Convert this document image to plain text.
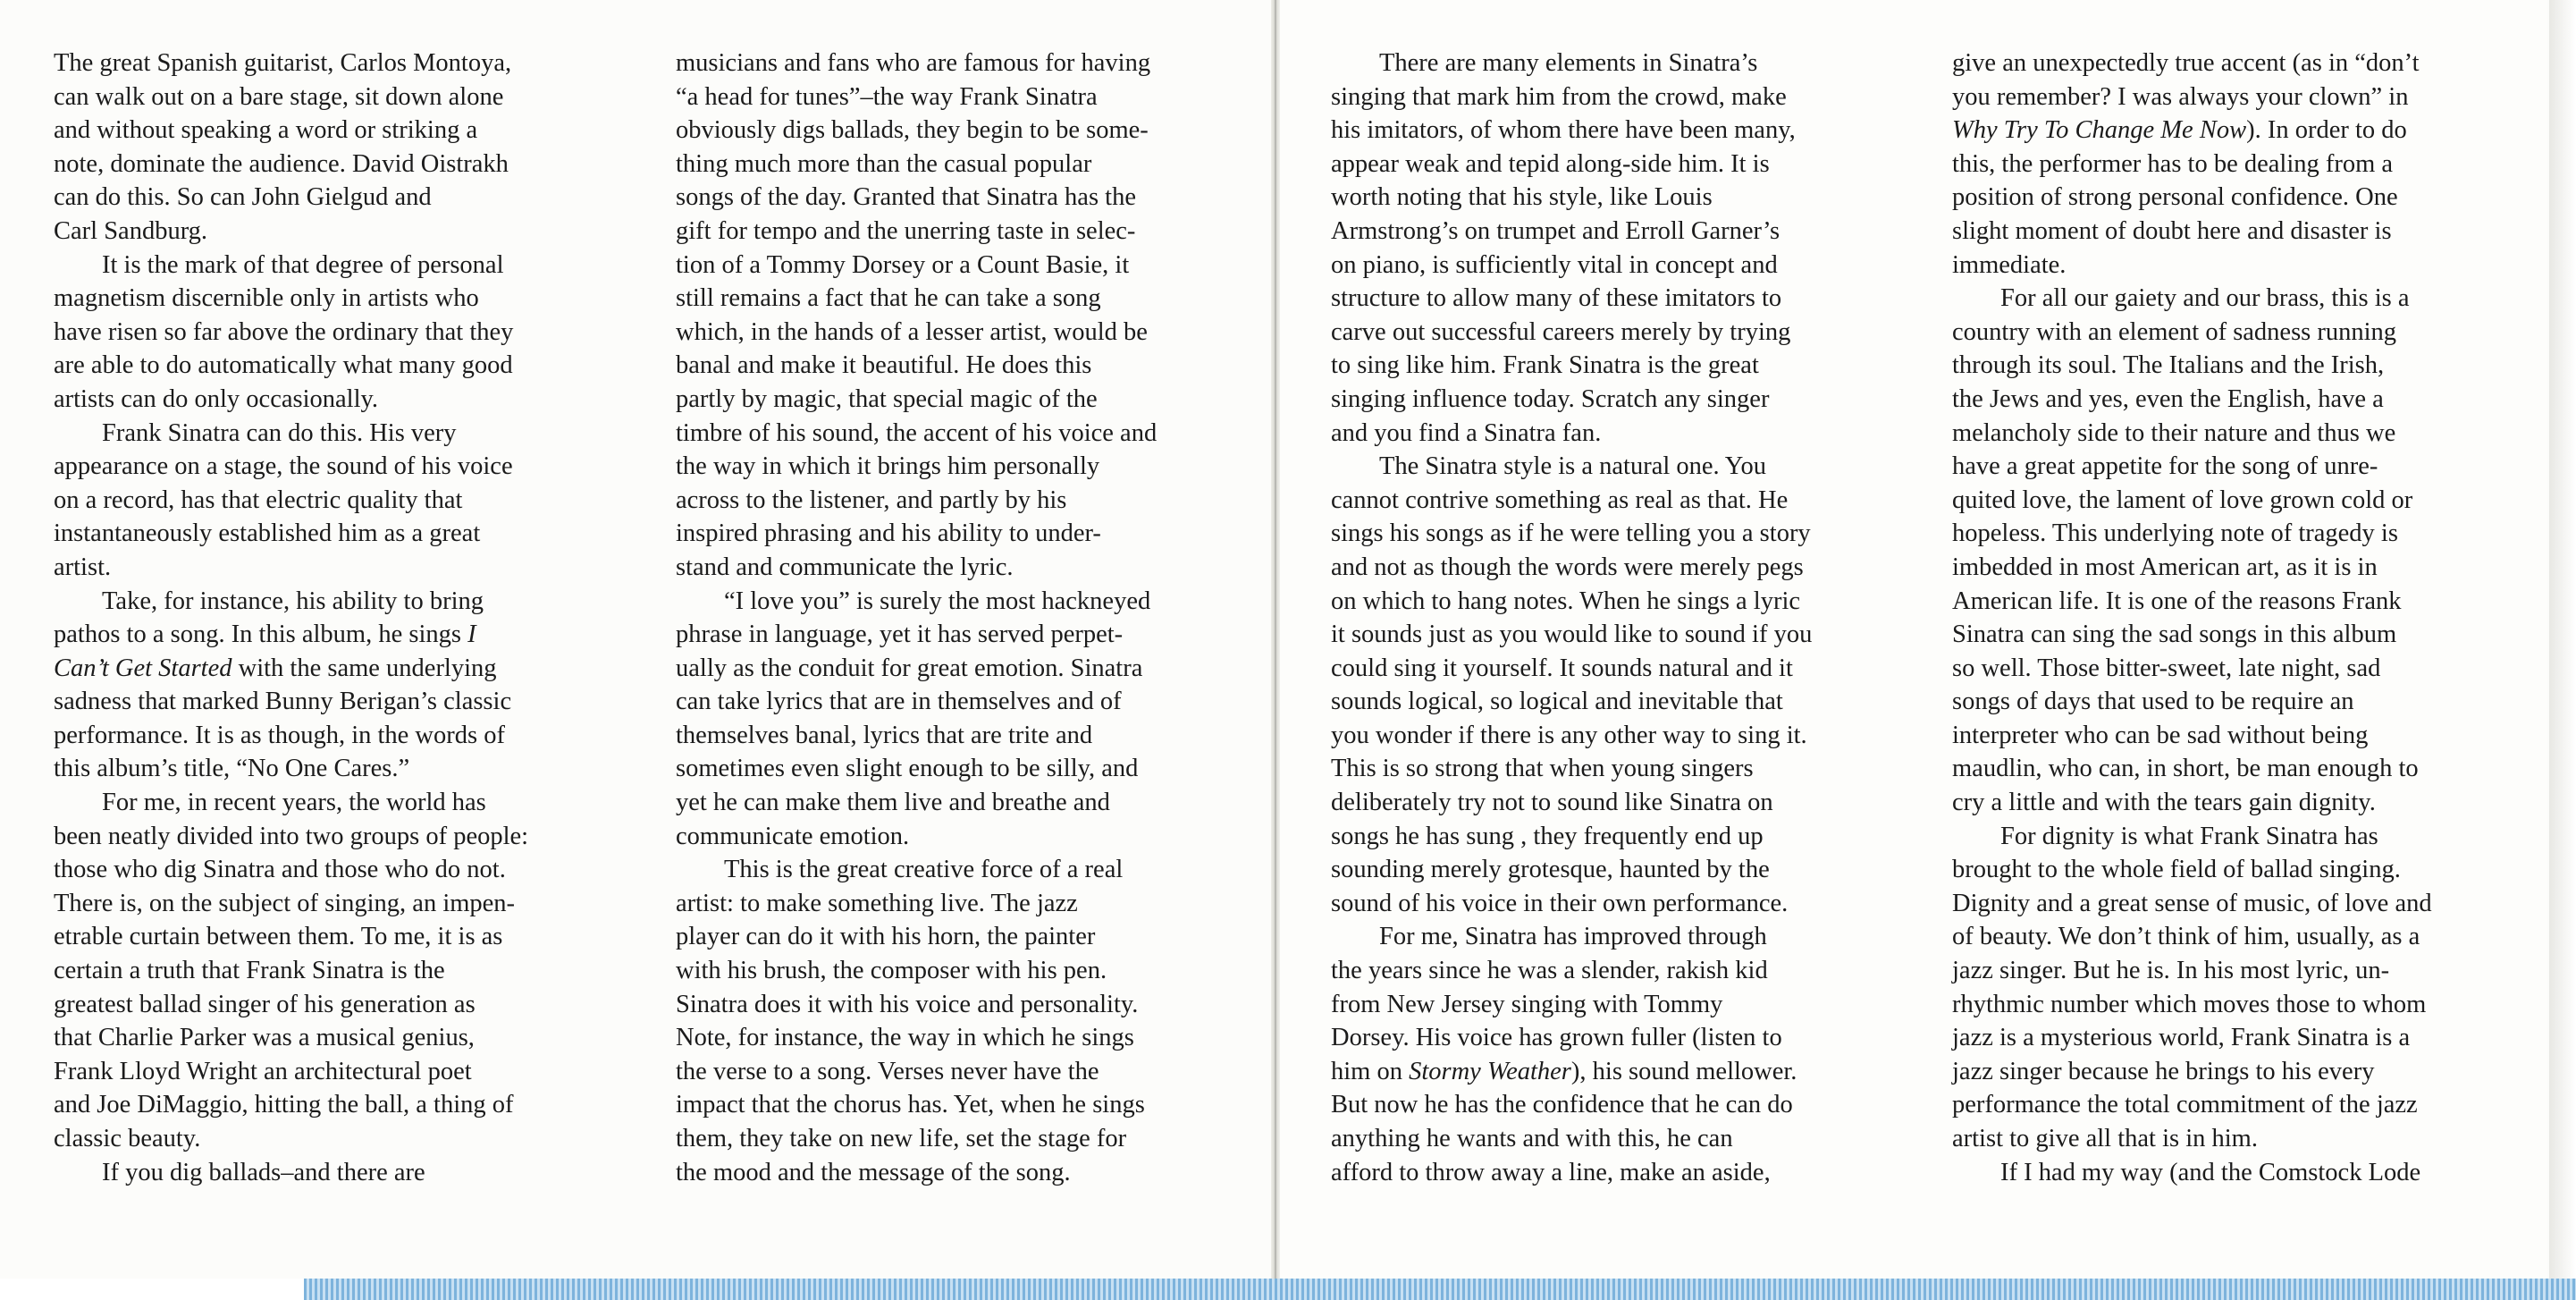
The great Spanish guitarist, Carlos Montoya,
can walk out on a bare stage, sit down alone
and without speaking a word or striking a
note, dominate the audience. David Oistrakh
can do this. So can John Gielgud and
Carl Sandburg.
It is the mark of that degree of personal
magnetism discernible only in artists who
have risen so far above the ordinary that they
are able to do automatically what many good
artists can do only occasionally.
Frank Sinatra can do this. His very
appearance on a stage, the sound of his voice
on a record, has that electric quality that
instantaneously established him as a great
artist.
Take, for instance, his ability to bring
pathos to a song. In this album, he sings I
Can’t Get Started with the same underlying
sadness that marked Bunny Berigan’s classic
performance. It is as though, in the words of
this album’s title, “No One Cares.”
For me, in recent years, the world has
been neatly divided into two groups of people:
those who dig Sinatra and those who do not.
There is, on the subject of singing, an impen-
etrable curtain between them. To me, it is as
certain a truth that Frank Sinatra is the
greatest ballad singer of his generation as
that Charlie Parker was a musical genius,
Frank Lloyd Wright an architectural poet
and Joe DiMaggio, hitting the ball, a thing of
classic beauty.
If you dig ballads–and there are
musicians and fans who are famous for having
“a head for tunes”–the way Frank Sinatra
obviously digs ballads, they begin to be some-
thing much more than the casual popular
songs of the day. Granted that Sinatra has the
gift for tempo and the unerring taste in selec-
tion of a Tommy Dorsey or a Count Basie, it
still remains a fact that he can take a song
which, in the hands of a lesser artist, would be
banal and make it beautiful. He does this
partly by magic, that special magic of the
timbre of his sound, the accent of his voice and
the way in which it brings him personally
across to the listener, and partly by his
inspired phrasing and his ability to under-
stand and communicate the lyric.
“I love you” is surely the most hackneyed
phrase in language, yet it has served perpet-
ually as the conduit for great emotion. Sinatra
can take lyrics that are in themselves and of
themselves banal, lyrics that are trite and
sometimes even slight enough to be silly, and
yet he can make them live and breathe and
communicate emotion.
This is the great creative force of a real
artist: to make something live. The jazz
player can do it with his horn, the painter
with his brush, the composer with his pen.
Sinatra does it with his voice and personality.
Note, for instance, the way in which he sings
the verse to a song. Verses never have the
impact that the chorus has. Yet, when he sings
them, they take on new life, set the stage for
the mood and the message of the song.
There are many elements in Sinatra’s
singing that mark him from the crowd, make
his imitators, of whom there have been many,
appear weak and tepid along-side him. It is
worth noting that his style, like Louis
Armstrong’s on trumpet and Erroll Garner’s
on piano, is sufficiently vital in concept and
structure to allow many of these imitators to
carve out successful careers merely by trying
to sing like him. Frank Sinatra is the great
singing influence today. Scratch any singer
and you find a Sinatra fan.
The Sinatra style is a natural one. You
cannot contrive something as real as that. He
sings his songs as if he were telling you a story
and not as though the words were merely pegs
on which to hang notes. When he sings a lyric
it sounds just as you would like to sound if you
could sing it yourself. It sounds natural and it
sounds logical, so logical and inevitable that
you wonder if there is any other way to sing it.
This is so strong that when young singers
deliberately try not to sound like Sinatra on
songs he has sung , they frequently end up
sounding merely grotesque, haunted by the
sound of his voice in their own performance.
For me, Sinatra has improved through
the years since he was a slender, rakish kid
from New Jersey singing with Tommy
Dorsey. His voice has grown fuller (listen to
him on Stormy Weather), his sound mellower.
But now he has the confidence that he can do
anything he wants and with this, he can
afford to throw away a line, make an aside,
give an unexpectedly true accent (as in “don’t
you remember? I was always your clown” in
Why Try To Change Me Now). In order to do
this, the performer has to be dealing from a
position of strong personal confidence. One
slight moment of doubt here and disaster is
immediate.
For all our gaiety and our brass, this is a
country with an element of sadness running
through its soul. The Italians and the Irish,
the Jews and yes, even the English, have a
melancholy side to their nature and thus we
have a great appetite for the song of unre-
quited love, the lament of love grown cold or
hopeless. This underlying note of tragedy is
imbedded in most American art, as it is in
American life. It is one of the reasons Frank
Sinatra can sing the sad songs in this album
so well. Those bitter-sweet, late night, sad
songs of days that used to be require an
interpreter who can be sad without being
maudlin, who can, in short, be man enough to
cry a little and with the tears gain dignity.
For dignity is what Frank Sinatra has
brought to the whole field of ballad singing.
Dignity and a great sense of music, of love and
of beauty. We don’t think of him, usually, as a
jazz singer. But he is. In his most lyric, un-
rhythmic number which moves those to whom
jazz is a mysterious world, Frank Sinatra is a
jazz singer because he brings to his every
performance the total commitment of the jazz
artist to give all that is in him.
If I had my way (and the Comstock Lode
